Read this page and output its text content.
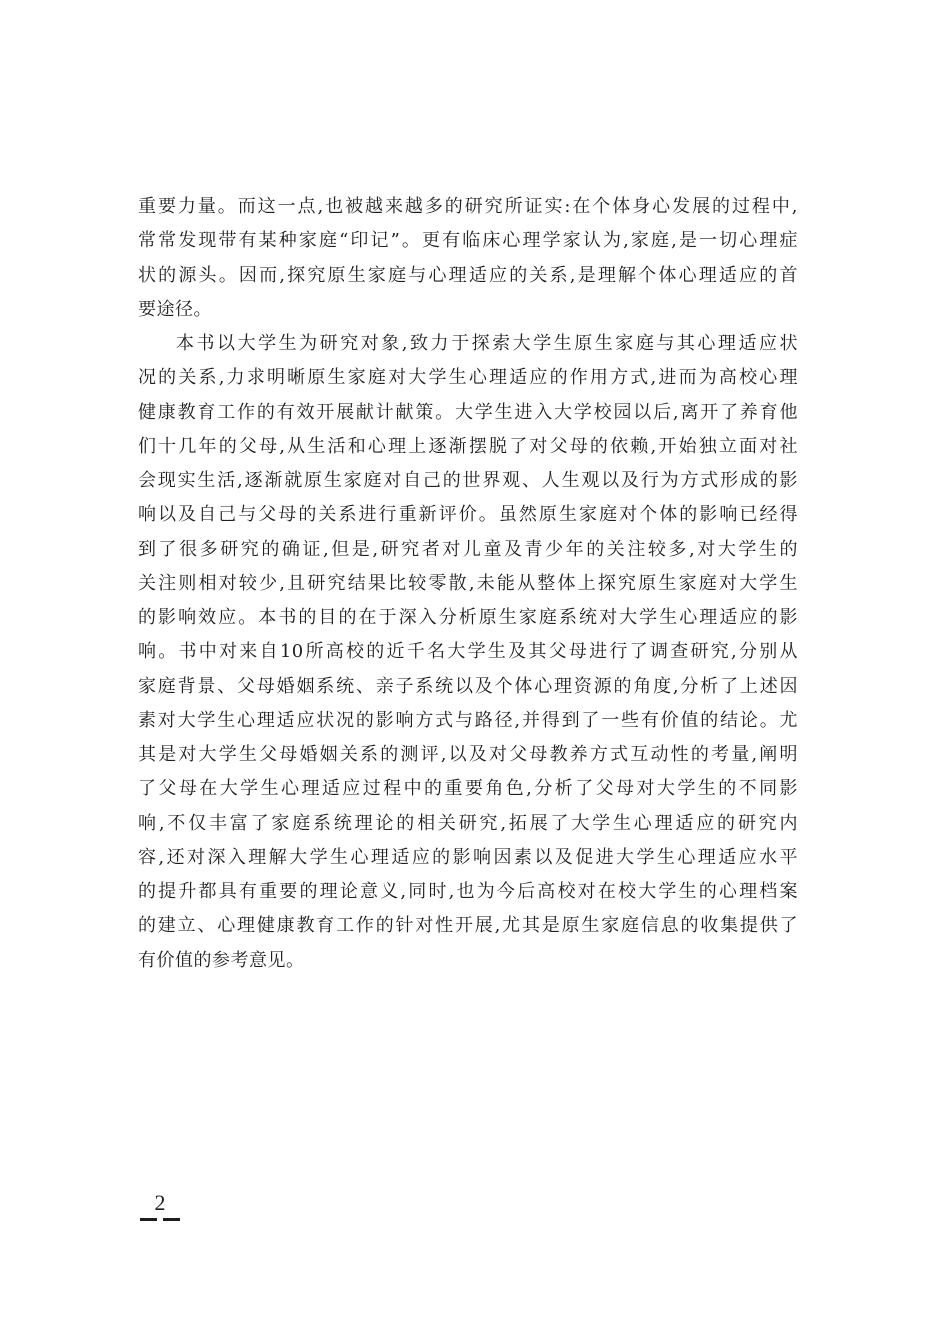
重要力量。而这一点,也被越来越多的研究所证实:在个体身心发展的过程中,
常常发现带有某种家庭“印记”。更有临床心理学家认为,家庭,是一切心理症
状的源头。因而,探究原生家庭与心理适应的关系,是理解个体心理适应的首
要途径。
本书以大学生为研究对象,致力于探索大学生原生家庭与其心理适应状
况的关系,力求明晰原生家庭对大学生心理适应的作用方式,进而为高校心理
健康教育工作的有效开展献计献策。大学生进入大学校园以后,离开了养育他
们十几年的父母,从生活和心理上逐渐摆脱了对父母的依赖,开始独立面对社
会现实生活,逐渐就原生家庭对自己的世界观、人生观以及行为方式形成的影
响以及自己与父母的关系进行重新评价。虽然原生家庭对个体的影响已经得
到了很多研究的确证,但是,研究者对儿童及青少年的关注较多,对大学生的
关注则相对较少,且研究结果比较零散,未能从整体上探究原生家庭对大学生
的影响效应。本书的目的在于深入分析原生家庭系统对大学生心理适应的影
响。书中对来自10所高校的近千名大学生及其父母进行了调查研究,分别从
家庭背景、父母婚姻系统、亲子系统以及个体心理资源的角度,分析了上述因
素对大学生心理适应状况的影响方式与路径,并得到了一些有价值的结论。尤
其是对大学生父母婚姻关系的测评,以及对父母教养方式互动性的考量,阐明
了父母在大学生心理适应过程中的重要角色,分析了父母对大学生的不同影
响,不仅丰富了家庭系统理论的相关研究,拓展了大学生心理适应的研究内
容,还对深入理解大学生心理适应的影响因素以及促进大学生心理适应水平
的提升都具有重要的理论意义,同时,也为今后高校对在校大学生的心理档案
的建立、心理健康教育工作的针对性开展,尤其是原生家庭信息的收集提供了
有价值的参考意见。
2
